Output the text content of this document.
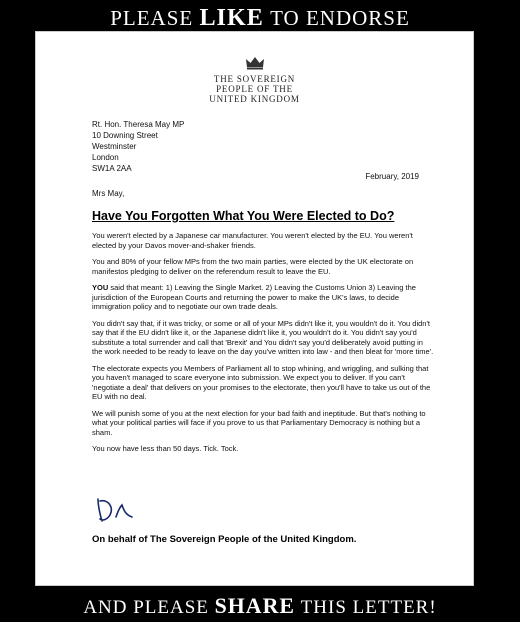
PLEASE LIKE TO ENDORSE
THE SOVEREIGN
PEOPLE OF THE
UNITED KINGDOM
Rt. Hon. Theresa May MP
10 Downing Street
Westminster
London
SW1A 2AA
February, 2019
Mrs May,
Have You Forgotten What You Were Elected to Do?

You weren't elected by a Japanese car manufacturer. You weren't elected by the EU. You weren't elected by your Davos mover-and-shaker friends.

You and 80% of your fellow MPs from the two main parties, were elected by the UK electorate on manifestos pledging to deliver on the referendum result to leave the EU.

YOU said that meant: 1) Leaving the Single Market. 2) Leaving the Customs Union 3) Leaving the jurisdiction of the European Courts and returning the power to make the UK's laws, to decide immigration policy and to negotiate our own trade deals.

You didn't say that, if it was tricky, or some or all of your MPs didn't like it, you wouldn't do it. You didn't say that if the EU didn't like it, or the Japanese didn't like it, you wouldn't do it. You didn't say you'd substitute a total surrender and call that 'Brexit' and You didn't say you'd deliberately avoid putting in the work needed to be ready to leave on the day you've written into law - and then bleat for 'more time'.

The electorate expects you Members of Parliament all to stop whining, and wriggling, and sulking that you haven't managed to scare everyone into submission. We expect you to deliver. If you can't 'negotiate a deal' that delivers on your promises to the electorate, then you'll have to take us out of the EU with no deal.

We will punish some of you at the next election for your bad faith and ineptitude. But that's nothing to what your political parties will face if you prove to us that Parliamentary Democracy is nothing but a sham.

You now have less than 50 days. Tick. Tock.

On behalf of The Sovereign People of the United Kingdom.
AND PLEASE SHARE THIS LETTER!
